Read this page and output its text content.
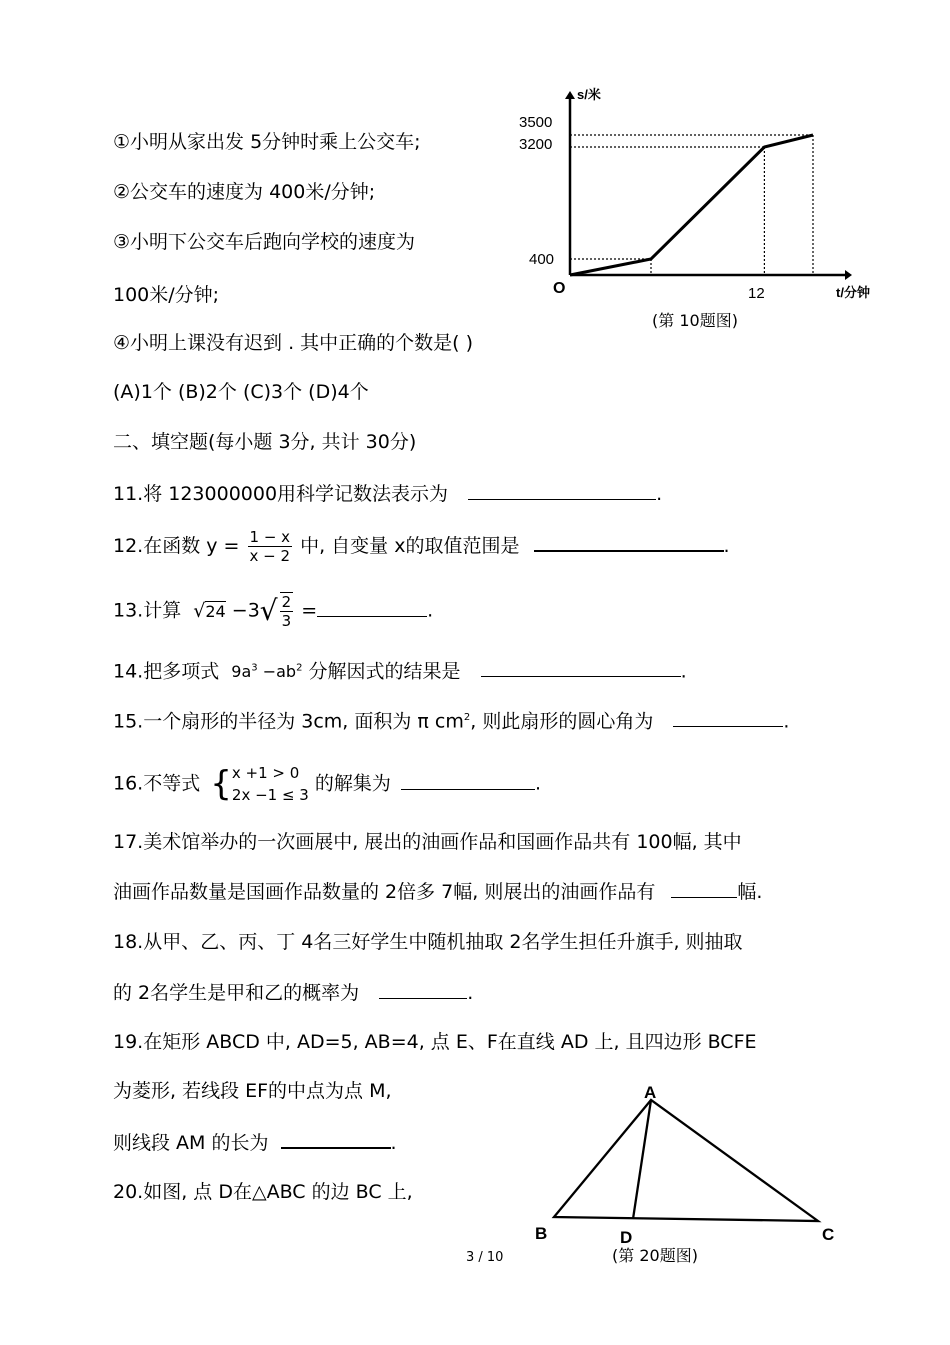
①小明从家出发 5分钟时乘上公交车;
②公交车的速度为 400米/分钟;
③小明下公交车后跑向学校的速度为
100米/分钟;
④小明上课没有迟到 . 其中正确的个数是( )
(A)1个 (B)2个 (C)3个 (D)4个
s/米
3500
3200
400
O	12	t/分钟
(第 10题图)
二、填空题(每小题 3分, 共计 30分)
11.将 123000000用科学记数法表示为	.
12.在函数 $y = \frac{1 - x}{x - 2}$ 中, 自变量 x的取值范围是	.
13.计算 $√24 -3√ \frac{2}{3}$ =	.
14.把多项式 $9a^3 -ab^2$ 分解因式的结果是	.
15.一个扇形的半径为 3cm, 面积为 π $cm^2$, 则此扇形的圆心角为	.
16.不等式 { x +1 > 0
2x −1 ≤ 3
的解集为	.
17.美术馆举办的一次画展中, 展出的油画作品和国画作品共有 100幅, 其中
油画作品数量是国画作品数量的 2倍多 7幅, 则展出的油画作品有	幅.
18.从甲、乙、丙、丁 4名三好学生中随机抽取 2名学生担任升旗手, 则抽取
的 2名学生是甲和乙的概率为	.
19.在矩形 ABCD 中, AD=5, AB=4, 点 E、F在直线 AD 上, 且四边形 BCFE
为菱形, 若线段 EF的中点为点 M,
则线段 AM 的长为	.
20.如图, 点 D在△ABC 的边 BC 上,
A
B	C
D
(第 20题图)
3 / 10
